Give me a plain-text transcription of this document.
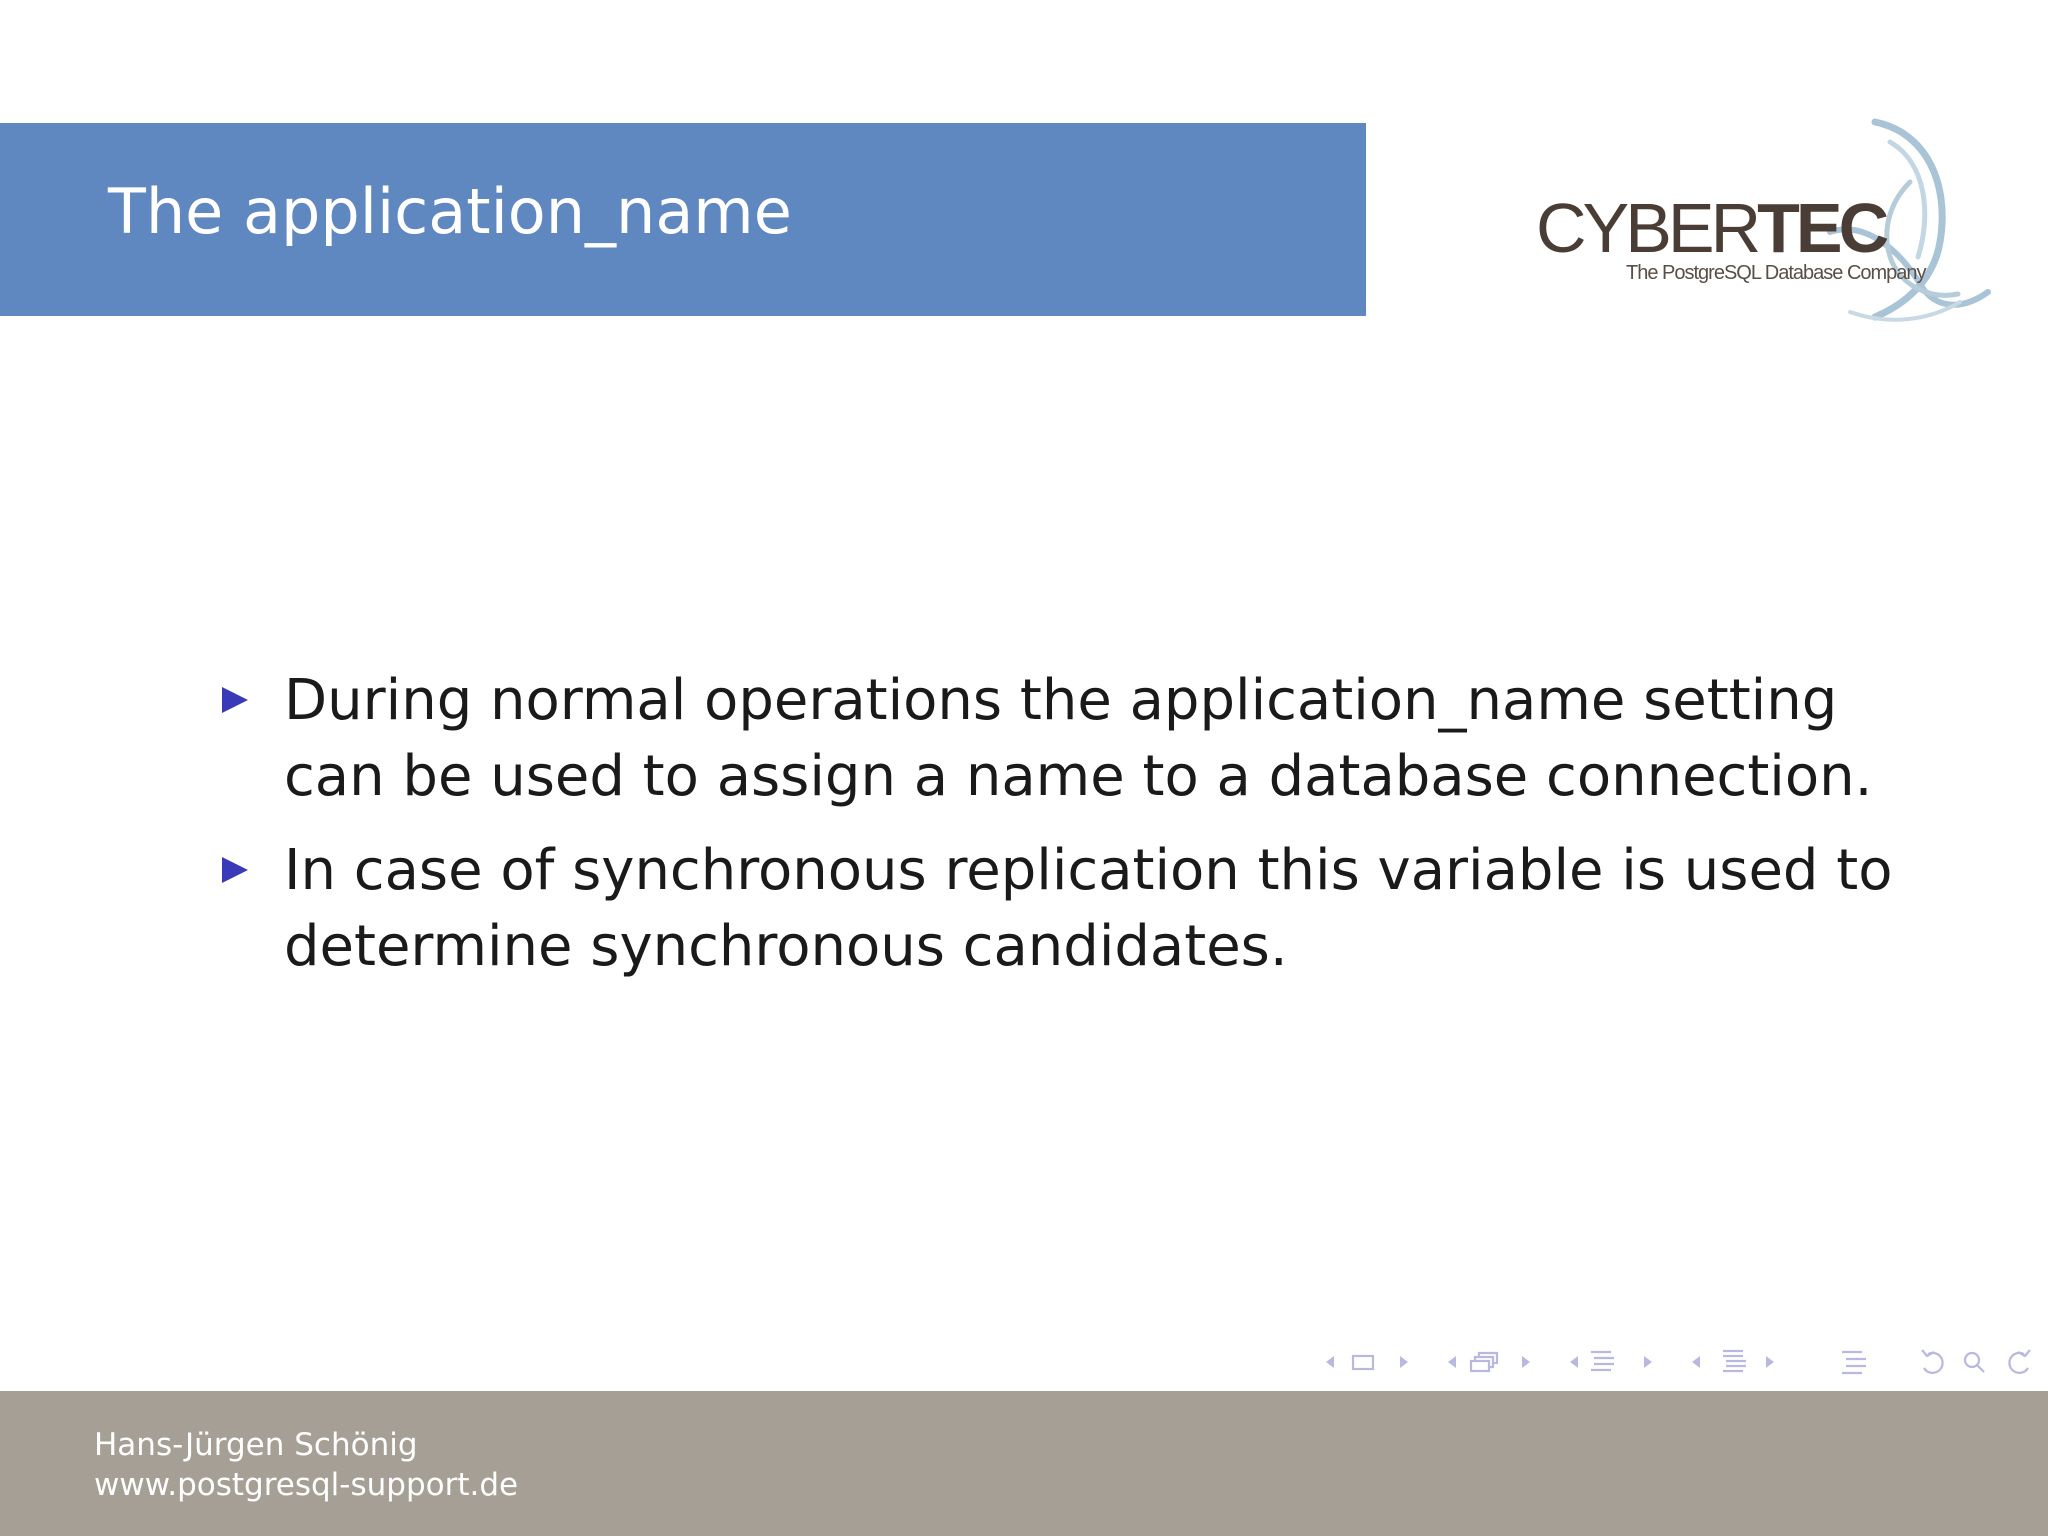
The application_name	CYBERTEC
The PostgreSQL Database Company
During normal operations the application_name setting can be used to assign a name to a database connection.
In case of synchronous replication this variable is used to determine synchronous candidates.
Hans-Jürgen Schönig
www.postgresql-support.de
